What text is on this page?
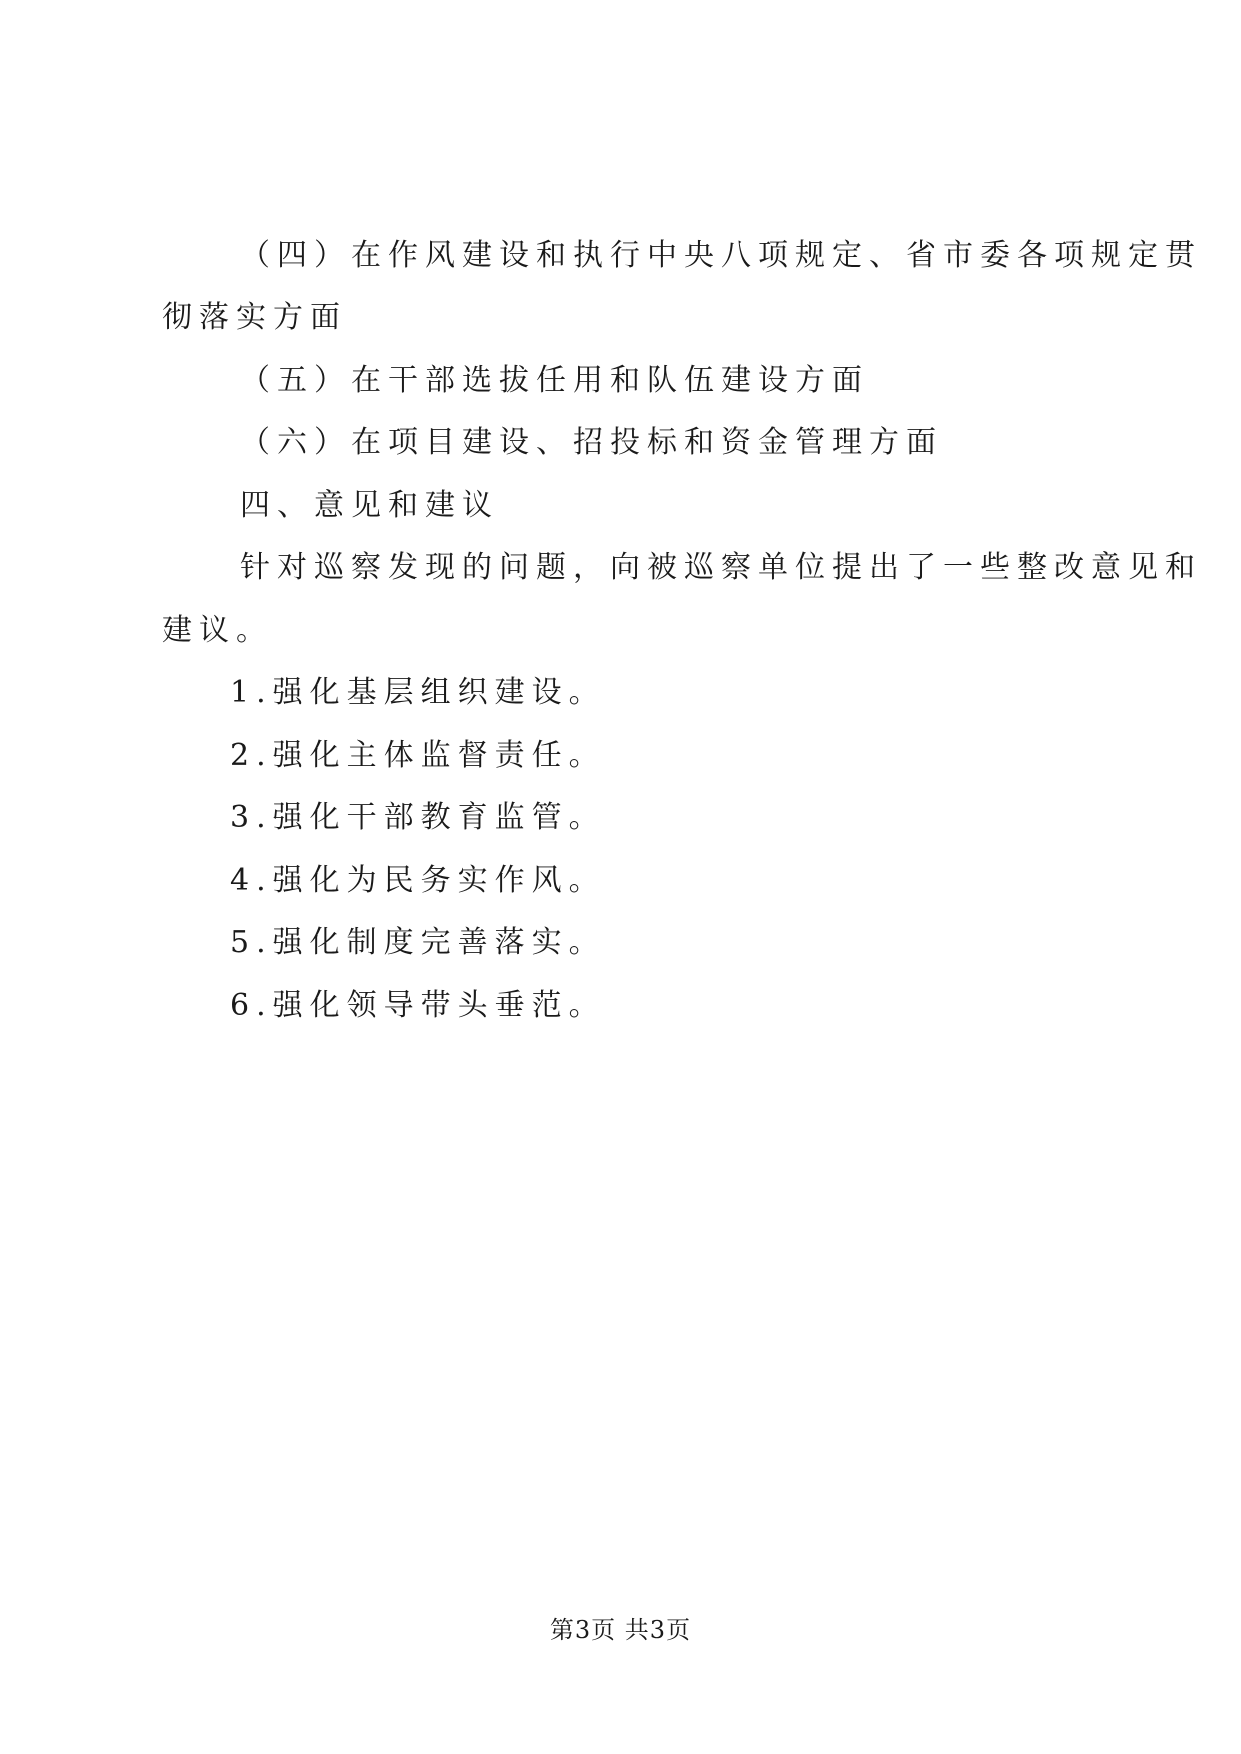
（四）在作风建设和执行中央八项规定、省市委各项规定贯
彻落实方面
（五）在干部选拔任用和队伍建设方面
（六）在项目建设、招投标和资金管理方面
四、意见和建议
针对巡察发现的问题，向被巡察单位提出了一些整改意见和
建议。
1.强化基层组织建设。
2.强化主体监督责任。
3.强化干部教育监管。
4.强化为民务实作风。
5.强化制度完善落实。
6.强化领导带头垂范。
第3页 共3页
